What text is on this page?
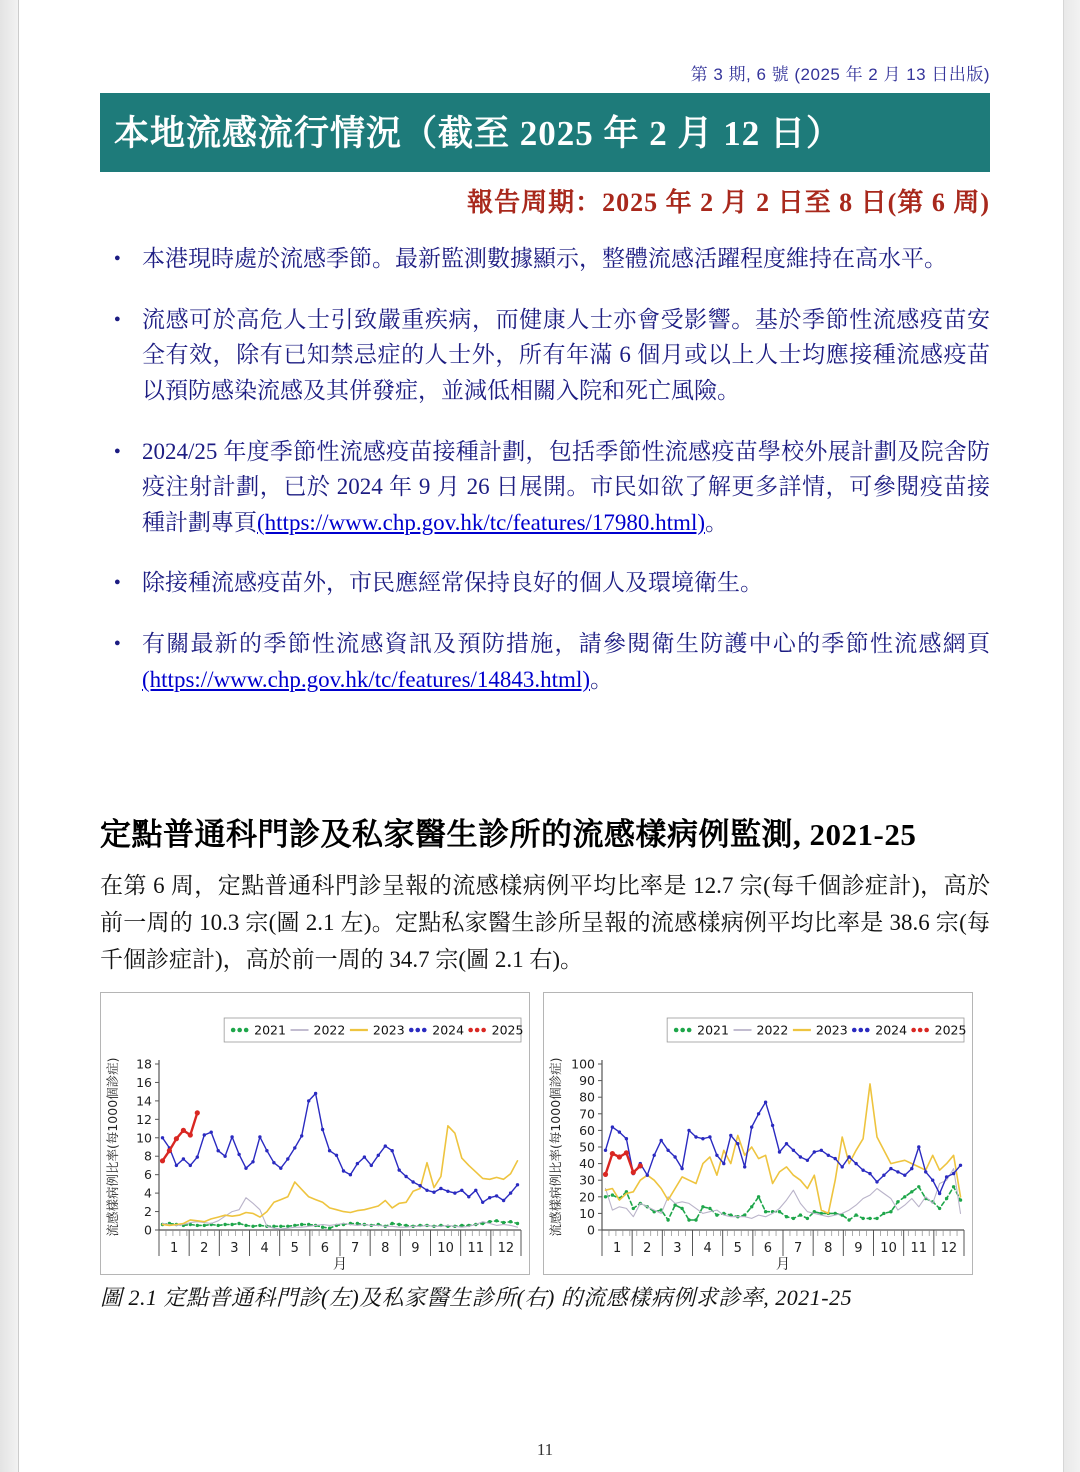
第 3 期, 6 號 (2025 年 2 月 13 日出版)
本地流感流行情況（截至 2025 年 2 月 12 日）
報告周期：2025 年 2 月 2 日至 8 日(第 6 周)
● 本港現時處於流感季節。最新監測數據顯示，整體流感活躍程度維持在高水平。
● 流感可於高危人士引致嚴重疾病，而健康人士亦會受影響。基於季節性流感疫苗安全有效，除有已知禁忌症的人士外，所有年滿 6 個月或以上人士均應接種流感疫苗以預防感染流感及其併發症，並減低相關入院和死亡風險。
● 2024/25 年度季節性流感疫苗接種計劃，包括季節性流感疫苗學校外展計劃及院舍防疫注射計劃，已於 2024 年 9 月 26 日展開。市民如欲了解更多詳情，可參閱疫苗接種計劃專頁(https://www.chp.gov.hk/tc/features/17980.html)。
● 除接種流感疫苗外，市民應經常保持良好的個人及環境衛生。
● 有關最新的季節性流感資訊及預防措施，請參閱衛生防護中心的季節性流感網頁(https://www.chp.gov.hk/tc/features/14843.html)。
定點普通科門診及私家醫生診所的流感樣病例監測, 2021-25
在第 6 周，定點普通科門診呈報的流感樣病例平均比率是 12.7 宗(每千個診症計)，高於前一周的 10.3 宗(圖 2.1 左)。定點私家醫生診所呈報的流感樣病例平均比率是 38.6 宗(每千個診症計)，高於前一周的 34.7 宗(圖 2.1 右)。
0
2
4
6
8
10
12
14
16
18
1 2 3 4 5 6 7 8 9 10 11 12
月
流感樣病例比率(每1000個診症)
2021 2022 2023 2024 2025
0
10
20
30
40
50
60
70
80
90
100
1 2 3 4 5 6 7 8 9 10 11 12
月
流感樣病例比率(每1000個診症)
2021 2022 2023 2024 2025
圖 2.1 定點普通科門診(左)及私家醫生診所(右) 的流感樣病例求診率, 2021-25
11
